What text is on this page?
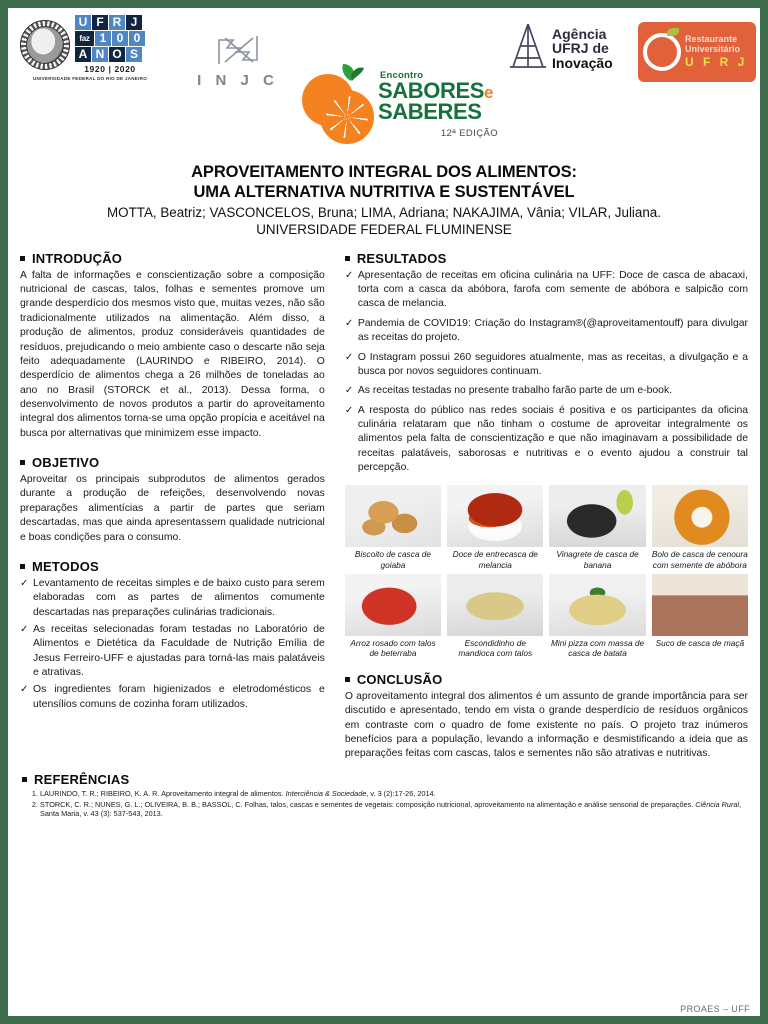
U F R J
faz 1 0 0
A N O S
1920 | 2020
UNIVERSIDADE FEDERAL DO RIO DE JANEIRO	I N J C	Encontro
SABORESe
SABERES
12ª EDIÇÃO
Agência
UFRJ de
Inovação
Restaurante
Universitário
U F R J
APROVEITAMENTO INTEGRAL DOS ALIMENTOS:
UMA ALTERNATIVA NUTRITIVA E SUSTENTÁVEL
MOTTA, Beatriz; VASCONCELOS, Bruna; LIMA, Adriana; NAKAJIMA, Vânia; VILAR, Juliana.
UNIVERSIDADE FEDERAL FLUMINENSE
INTRODUÇÃO

A falta de informações e conscientização sobre a composição nutricional de cascas, talos, folhas e sementes promove um grande desperdício dos mesmos visto que, muitas vezes, não são tradicionalmente utilizados na alimentação. Além disso, a produção de alimentos, produz consideráveis quantidades de resíduos, prejudicando o meio ambiente caso o descarte não seja feito adequadamente (LAURINDO e RIBEIRO, 2014). O desperdício de alimentos chega a 26 milhões de toneladas ao ano no Brasil (STORCK et al., 2013). Dessa forma, o desenvolvimento de novos produtos a partir do aproveitamento integral dos alimentos torna-se uma opção propícia e aceitável na busca por alternativas que minimizem esse impacto.

OBJETIVO

Aproveitar os principais subprodutos de alimentos gerados durante a produção de refeições, desenvolvendo novas preparações alimentícias a partir de partes que seriam descartadas, mas que ainda apresentassem qualidade nutricional e boas condições para o consumo.

METODOS
✓ Levantamento de receitas simples e de baixo custo para serem elaboradas com as partes de alimentos comumente descartadas nas preparações culinárias tradicionais.
✓ As receitas selecionadas foram testadas no Laboratório de Alimentos e Dietética da Faculdade de Nutrição Emília de Jesus Ferreiro-UFF e ajustadas para torná-las mais palatáveis e atrativas.
✓ Os ingredientes foram higienizados e eletrodomésticos e utensílios comuns de cozinha foram utilizados.
RESULTADOS
✓ Apresentação de receitas em oficina culinária na UFF: Doce de casca de abacaxi, torta com a casca da abóbora, farofa com semente de abóbora e salpicão com casca de melancia.
✓ Pandemia de COVID19: Criação do Instagram®(@aproveitamentouff) para divulgar as receitas do projeto.
✓ O Instagram possui 260 seguidores atualmente, mas as receitas, a divulgação e a busca por novos seguidores continuam.
✓ As receitas testadas no presente trabalho farão parte de um e-book.
✓ A resposta do público nas redes sociais é positiva e os participantes da oficina culinária relataram que não tinham o costume de aproveitar integralmente os alimentos pela falta de conscientização e que não imaginavam a possibilidade de receitas palatáveis, saborosas e nutritivas e o evento ajudou a construir tal percepção.
Biscoito de casca de goiaba
Doce de entrecasca de melancia
Vinagrete de casca de banana
Bolo de casca de cenoura com semente de abóbora
Arroz rosado com talos de beterraba
Escondidinho de mandioca com talos
Mini pizza com massa de casca de batata
Suco de casca de maçã
CONCLUSÃO

O aproveitamento integral dos alimentos é um assunto de grande importância para ser discutido e apresentado, tendo em vista o grande desperdício de resíduos orgânicos em contraste com o quadro de fome existente no país. O projeto traz inúmeros benefícios para a população, levando a informação e desmistificando a ideia que as preparações feitas com cascas, talos e sementes não são atrativas e nutritivas.

REFERÊNCIAS
1. LAURINDO, T. R.; RIBEIRO, K. A. R. Aproveitamento integral de alimentos. Interciência & Sociedade, v. 3 (2):17-26, 2014.
2. STORCK, C. R.; NUNES, G. L.; OLIVEIRA, B. B.; BASSOL, C. Folhas, talos, cascas e sementes de vegetais: composição nutricional, aproveitamento na alimentação e análise sensorial de preparações. Ciência Rural, Santa Maria, v. 43 (3): 537-543, 2013.
PROAES – UFF
